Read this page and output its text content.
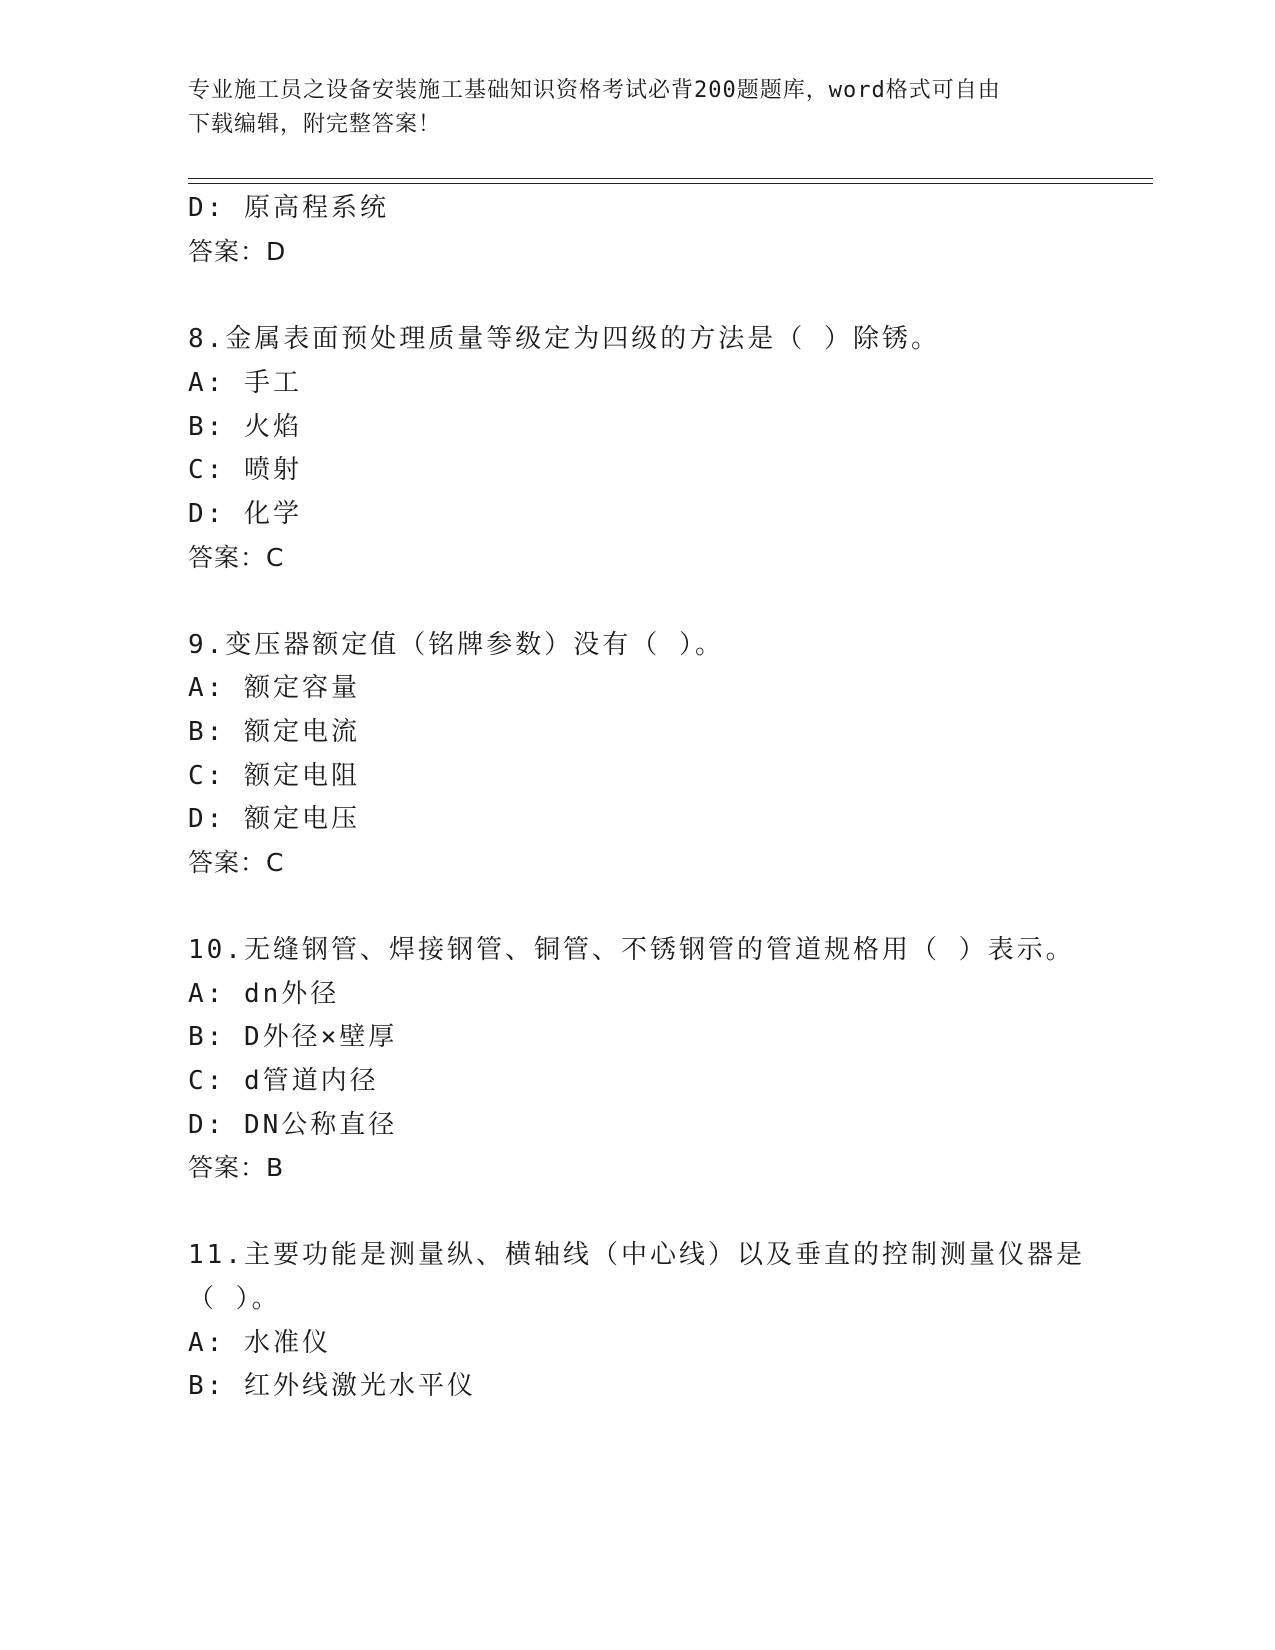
专业施工员之设备安装施工基础知识资格考试必背200题题库，word格式可自由
下载编辑，附完整答案！
D: 原高程系统
答案：D
8.金属表面预处理质量等级定为四级的方法是（ ）除锈。
A: 手工
B: 火焰
C: 喷射
D: 化学
答案：C
9.变压器额定值（铭牌参数）没有（ ）。
A: 额定容量
B: 额定电流
C: 额定电阻
D: 额定电压
答案：C
10.无缝钢管、焊接钢管、铜管、不锈钢管的管道规格用（ ）表示。
A: dn外径
B: D外径×壁厚
C: d管道内径
D: DN公称直径
答案：B
11.主要功能是测量纵、横轴线（中心线）以及垂直的控制测量仪器是
（ ）。
A: 水准仪
B: 红外线激光水平仪
